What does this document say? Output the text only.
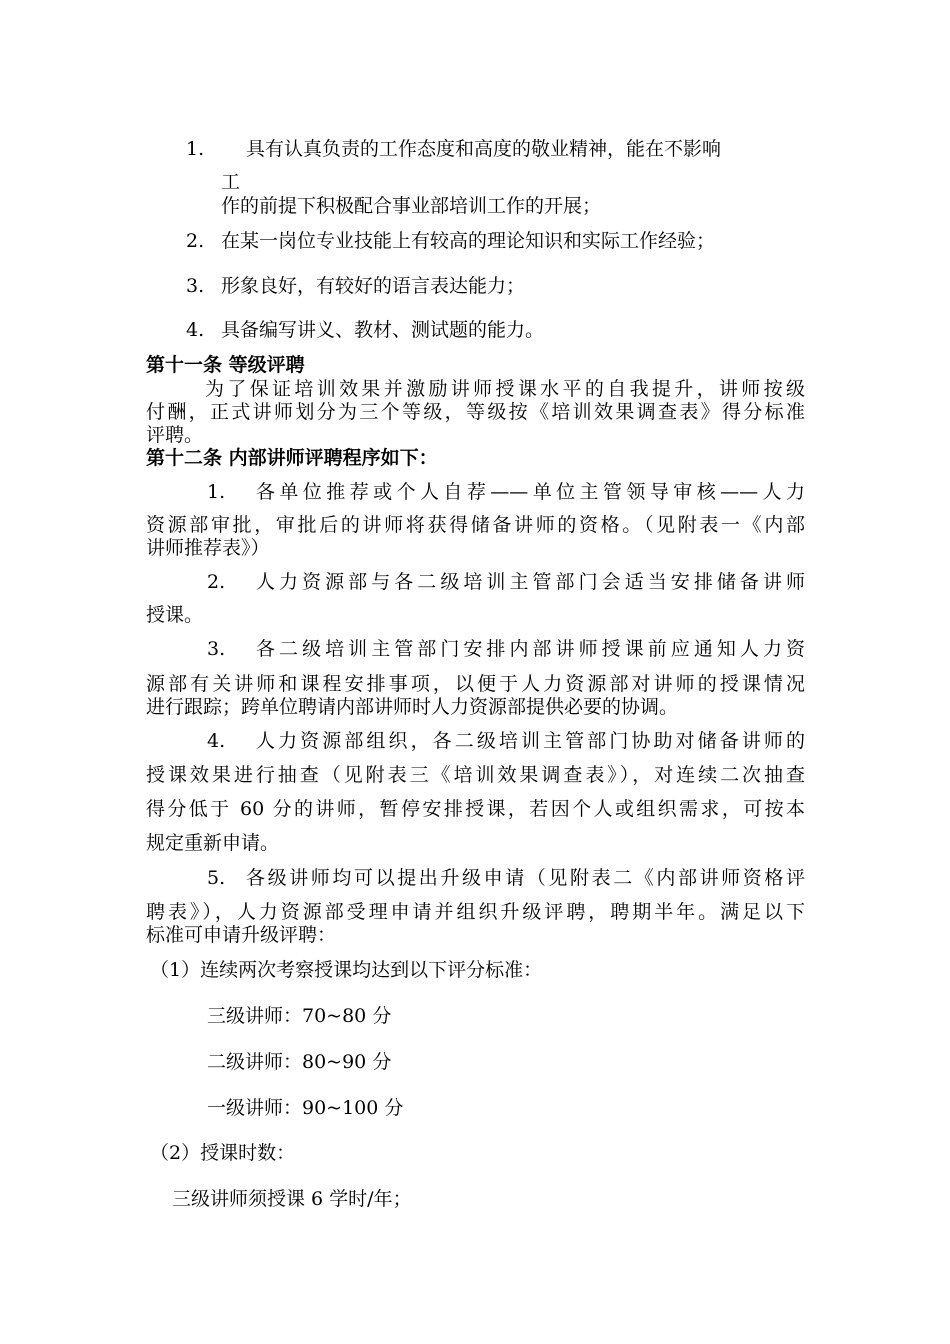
1. 具有认真负责的工作态度和高度的敬业精神，能在不影响
工
作的前提下积极配合事业部培训工作的开展；
2. 在某一岗位专业技能上有较高的理论知识和实际工作经验；
3. 形象良好，有较好的语言表达能力；
4. 具备编写讲义、教材、测试题的能力。
第十一条 等级评聘
为了保证培训效果并激励讲师授课水平的自我提升，讲师按级
付酬，正式讲师划分为三个等级，等级按《培训效果调查表》得分标准
评聘。
第十二条 内部讲师评聘程序如下：
1. 各单位推荐或个人自荐——单位主管领导审核——人力
资源部审批，审批后的讲师将获得储备讲师的资格。（见附表一《内部
讲师推荐表》）
2. 人力资源部与各二级培训主管部门会适当安排储备讲师
授课。
3. 各二级培训主管部门安排内部讲师授课前应通知人力资
源部有关讲师和课程安排事项，以便于人力资源部对讲师的授课情况
进行跟踪；跨单位聘请内部讲师时人力资源部提供必要的协调。
4. 人力资源部组织，各二级培训主管部门协助对储备讲师的
授课效果进行抽查（见附表三《培训效果调查表》），对连续二次抽查
得分低于 60 分的讲师，暂停安排授课，若因个人或组织需求，可按本
规定重新申请。
5. 各级讲师均可以提出升级申请（见附表二《内部讲师资格评
聘表》），人力资源部受理申请并组织升级评聘，聘期半年。满足以下
标准可申请升级评聘：
（1）连续两次考察授课均达到以下评分标准：
三级讲师：70~80 分
二级讲师：80~90 分
一级讲师：90~100 分
（2）授课时数：
三级讲师须授课 6 学时/年；
